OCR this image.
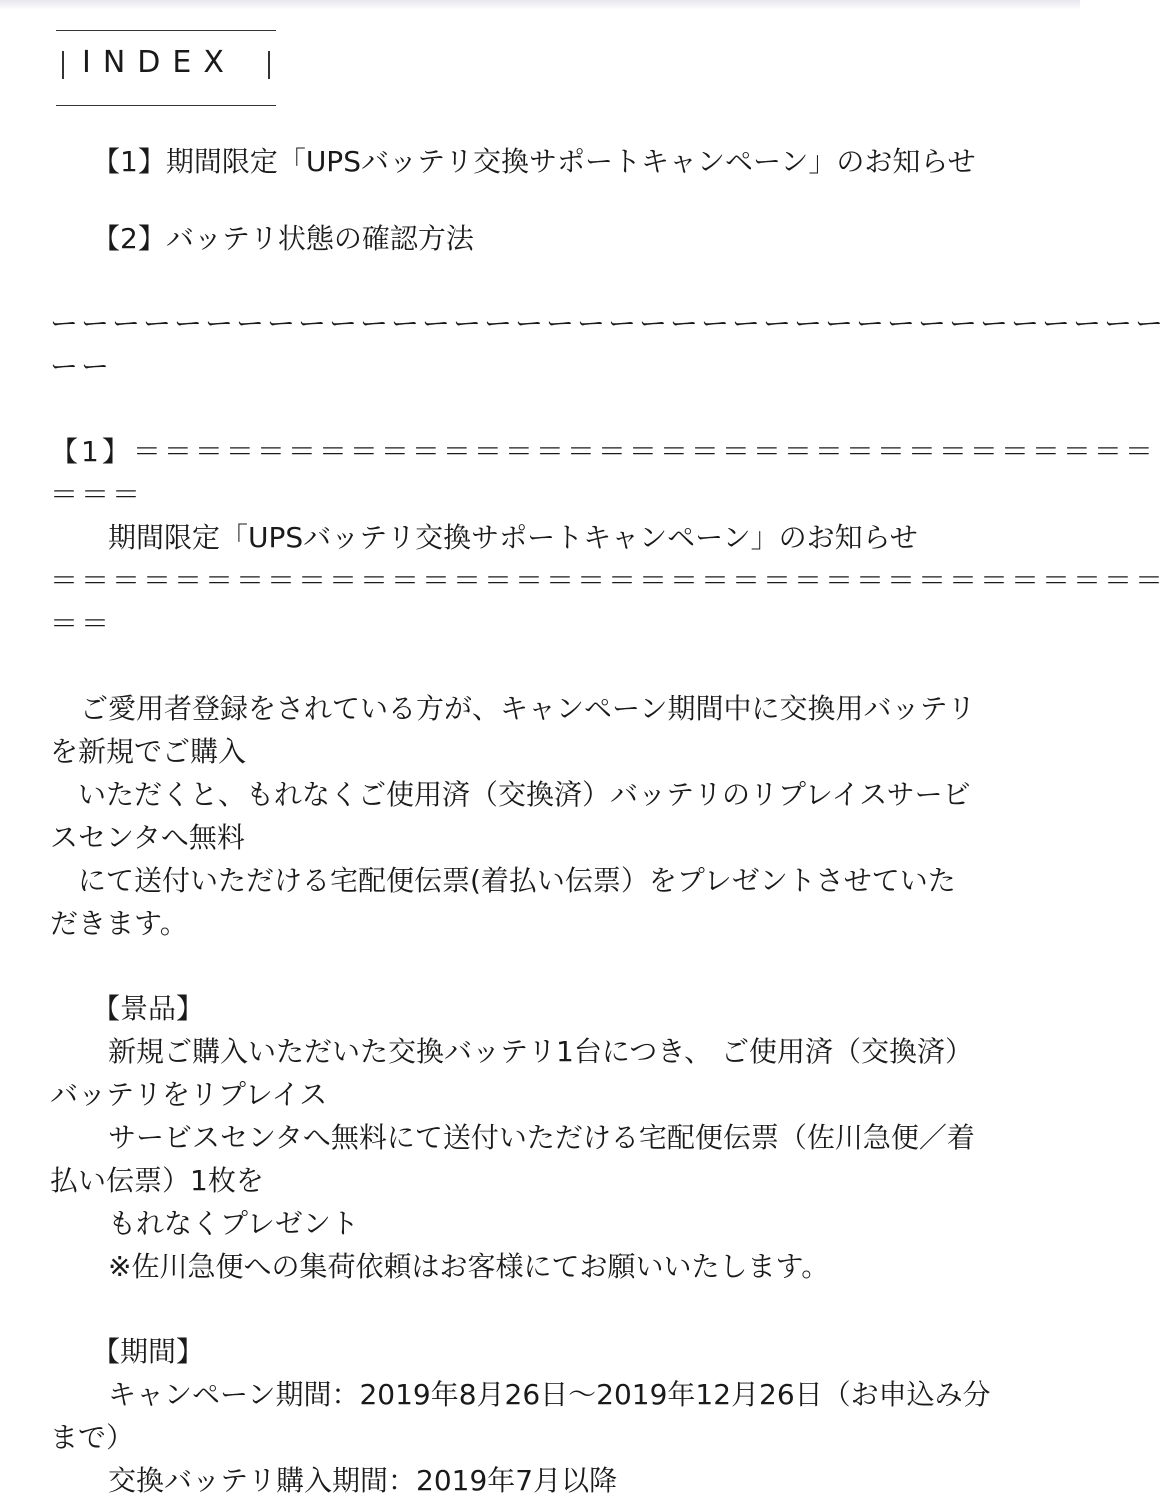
INDEX
【1】期間限定「UPSバッテリ交換サポートキャンペーン」のお知らせ
【2】バッテリ状態の確認方法
ーーーーーーーーーーーーーーーーーーーーーーーーーーーーーーーーーーーー
ーー
【1】＝＝＝＝＝＝＝＝＝＝＝＝＝＝＝＝＝＝＝＝＝＝＝＝＝＝＝＝＝＝＝＝＝
＝＝＝
期間限定「UPSバッテリ交換サポートキャンペーン」のお知らせ
＝＝＝＝＝＝＝＝＝＝＝＝＝＝＝＝＝＝＝＝＝＝＝＝＝＝＝＝＝＝＝＝＝＝＝＝
＝＝
ご愛用者登録をされている方が、キャンペーン期間中に交換用バッテリ
を新規でご購入
いただくと、もれなくご使用済（交換済）バッテリのリプレイスサービ
スセンタへ無料
にて送付いただける宅配便伝票(着払い伝票）をプレゼントさせていた
だきます。
【景品】
新規ご購入いただいた交換バッテリ1台につき、 ご使用済（交換済）
バッテリをリプレイス
サービスセンタへ無料にて送付いただける宅配便伝票（佐川急便／着
払い伝票）1枚を
もれなくプレゼント
※佐川急便への集荷依頼はお客様にてお願いいたします。
【期間】
キャンペーン期間：2019年8月26日〜2019年12月26日（お申込み分
まで）
交換バッテリ購入期間：2019年7月以降
